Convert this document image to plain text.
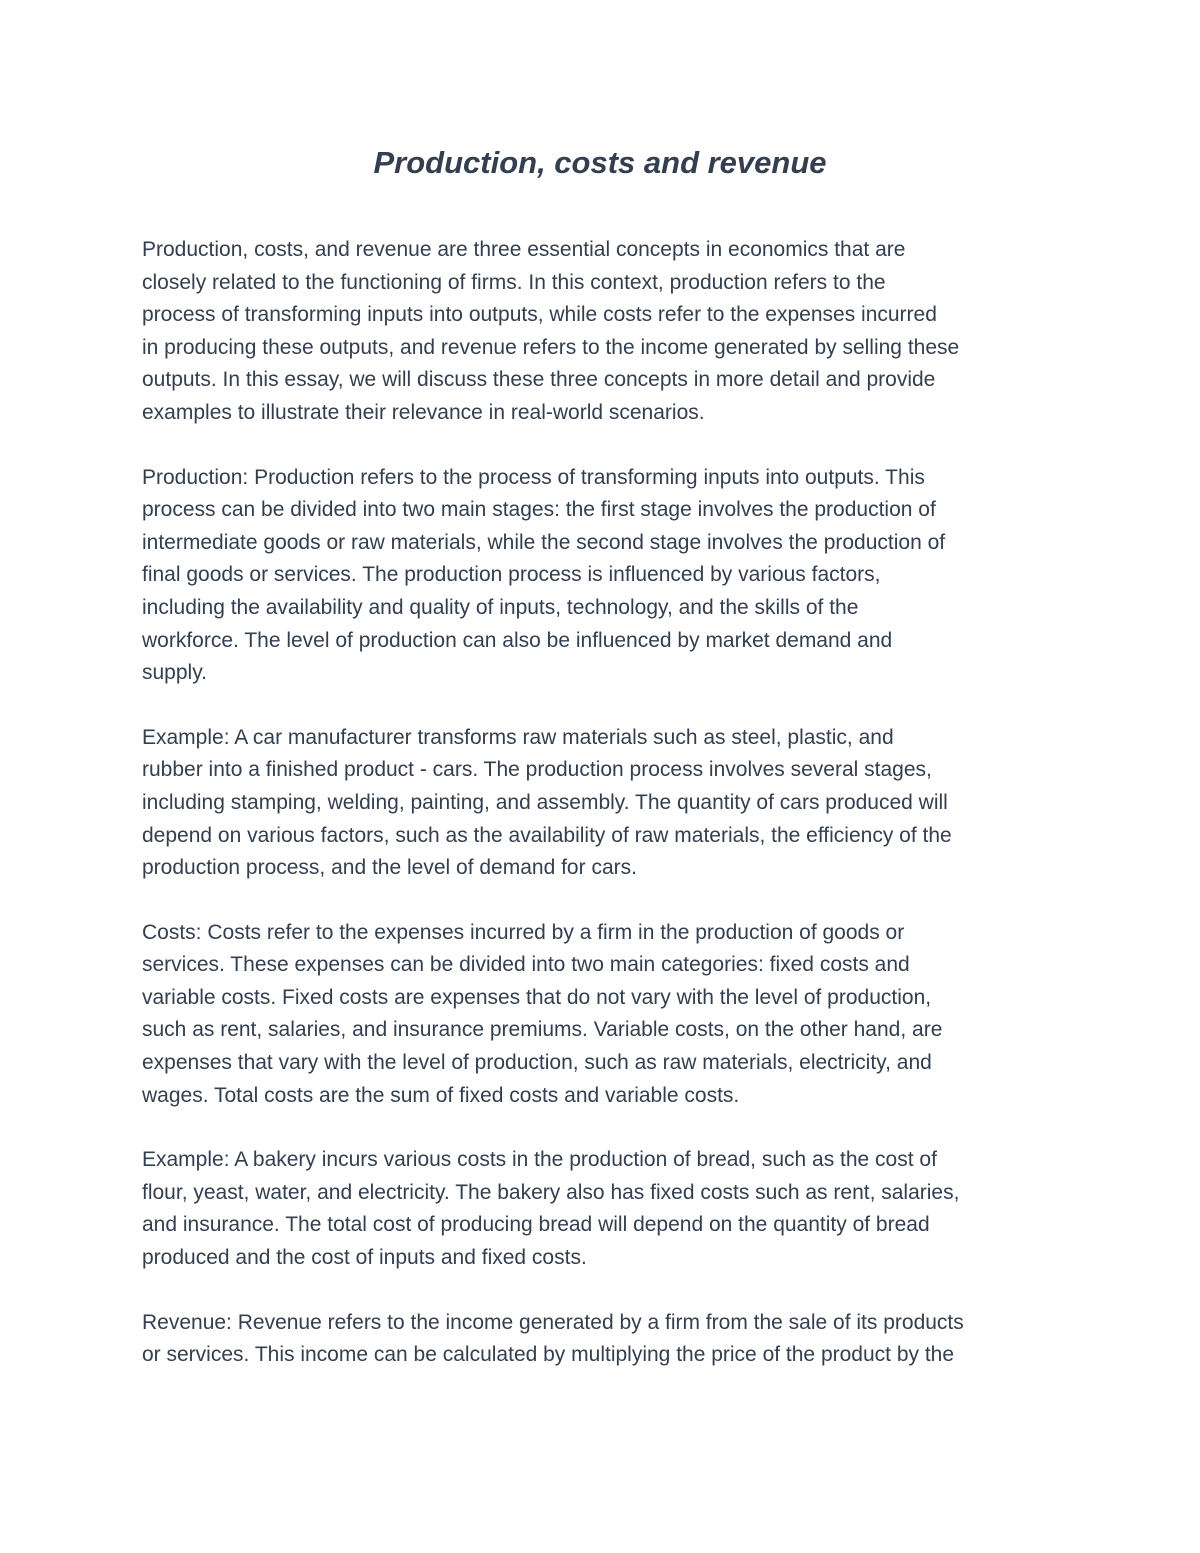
Production, costs and revenue

Production, costs, and revenue are three essential concepts in economics that are
closely related to the functioning of firms. In this context, production refers to the
process of transforming inputs into outputs, while costs refer to the expenses incurred
in producing these outputs, and revenue refers to the income generated by selling these
outputs. In this essay, we will discuss these three concepts in more detail and provide
examples to illustrate their relevance in real-world scenarios.

Production: Production refers to the process of transforming inputs into outputs. This
process can be divided into two main stages: the first stage involves the production of
intermediate goods or raw materials, while the second stage involves the production of
final goods or services. The production process is influenced by various factors,
including the availability and quality of inputs, technology, and the skills of the
workforce. The level of production can also be influenced by market demand and
supply.

Example: A car manufacturer transforms raw materials such as steel, plastic, and
rubber into a finished product - cars. The production process involves several stages,
including stamping, welding, painting, and assembly. The quantity of cars produced will
depend on various factors, such as the availability of raw materials, the efficiency of the
production process, and the level of demand for cars.

Costs: Costs refer to the expenses incurred by a firm in the production of goods or
services. These expenses can be divided into two main categories: fixed costs and
variable costs. Fixed costs are expenses that do not vary with the level of production,
such as rent, salaries, and insurance premiums. Variable costs, on the other hand, are
expenses that vary with the level of production, such as raw materials, electricity, and
wages. Total costs are the sum of fixed costs and variable costs.

Example: A bakery incurs various costs in the production of bread, such as the cost of
flour, yeast, water, and electricity. The bakery also has fixed costs such as rent, salaries,
and insurance. The total cost of producing bread will depend on the quantity of bread
produced and the cost of inputs and fixed costs.

Revenue: Revenue refers to the income generated by a firm from the sale of its products
or services. This income can be calculated by multiplying the price of the product by the
